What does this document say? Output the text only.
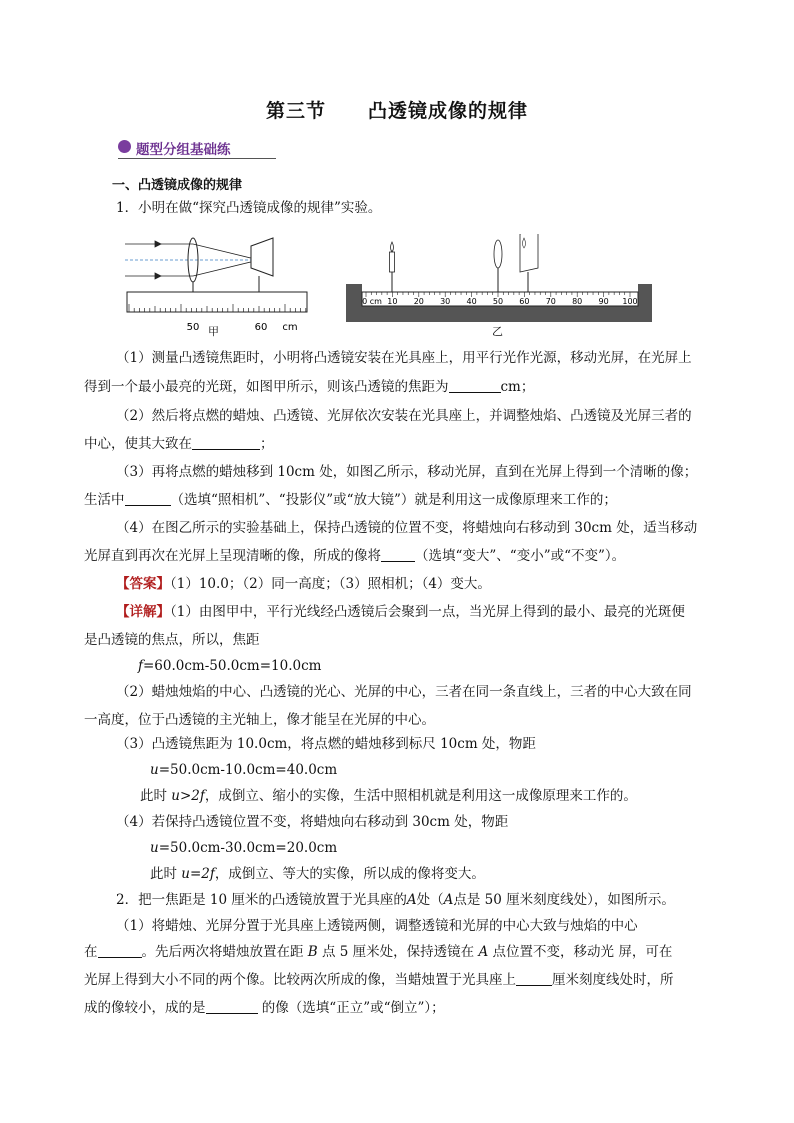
第三节 凸透镜成像的规律
题型分组基础练
一、凸透镜成像的规律
1．小明在做“探究凸透镜成像的规律”实验。
50	60 cm
甲
0 cm 10 20 30 40 50 60 70 80 90 100
乙
（1）测量凸透镜焦距时，小明将凸透镜安装在光具座上，用平行光作光源，移动光屏，在光屏上
得到一个最小最亮的光斑，如图甲所示，则该凸透镜的焦距为	cm；
（2）然后将点燃的蜡烛、凸透镜、光屏依次安装在光具座上，并调整烛焰、凸透镜及光屏三者的
中心，使其大致在	；
（3）再将点燃的蜡烛移到 10cm 处，如图乙所示，移动光屏，直到在光屏上得到一个清晰的像；
生活中	（选填“照相机”、“投影仪”或“放大镜”）就是利用这一成像原理来工作的；
（4）在图乙所示的实验基础上，保持凸透镜的位置不变，将蜡烛向右移动到 30cm 处，适当移动
光屏直到再次在光屏上呈现清晰的像，所成的像将	（选填“变大”、“变小”或“不变”）。
【答案】（1）10.0；（2）同一高度；（3）照相机；（4）变大。
【详解】（1）由图甲中，平行光线经凸透镜后会聚到一点，当光屏上得到的最小、最亮的光斑便
是凸透镜的焦点，所以，焦距
f=60.0cm-50.0cm=10.0cm
（2）蜡烛烛焰的中心、凸透镜的光心、光屏的中心，三者在同一条直线上，三者的中心大致在同
一高度，位于凸透镜的主光轴上，像才能呈在光屏的中心。
（3）凸透镜焦距为 10.0cm，将点燃的蜡烛移到标尺 10cm 处，物距
u=50.0cm-10.0cm=40.0cm
此时 u>2f，成倒立、缩小的实像，生活中照相机就是利用这一成像原理来工作的。
（4）若保持凸透镜位置不变，将蜡烛向右移动到 30cm 处，物距
u=50.0cm-30.0cm=20.0cm
此时 u=2f，成倒立、等大的实像，所以成的像将变大。
2．把一焦距是 10 厘米的凸透镜放置于光具座的A处（A点是 50 厘米刻度线处），如图所示。
（1）将蜡烛、光屏分置于光具座上透镜两侧，调整透镜和光屏的中心大致与烛焰的中心
在	。先后两次将蜡烛放置在距 B 点 5 厘米处，保持透镜在 A 点位置不变，移动光 屏，可在
光屏上得到大小不同的两个像。比较两次所成的像，当蜡烛置于光具座上	厘米刻度线处时，所
成的像较小，成的是	的像（选填“正立”或“倒立”）；
